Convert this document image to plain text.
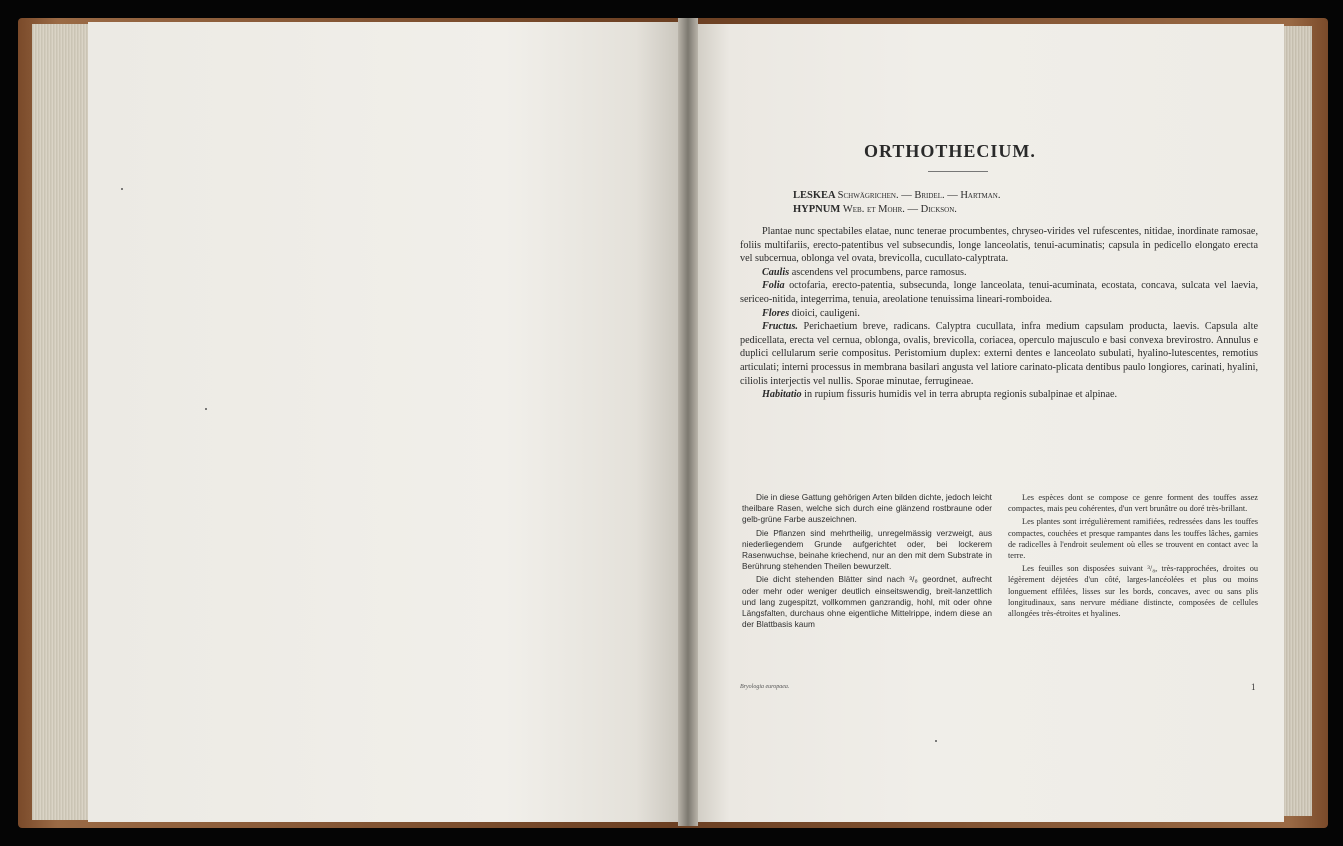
ORTHOTHECIUM.
LESKEA Schwägrichen. — Bridel. — Hartman.
HYPNUM Web. et Mohr. — Dickson.

Plantae nunc spectabiles elatae, nunc tenerae procumbentes, chryseo-virides vel rufescentes, nitidae, inordinate ramosae, foliis multifariis, erecto-patentibus vel subsecundis, longe lanceolatis, tenui-acuminatis; capsula in pedicello elongato erecta vel subcernua, oblonga vel ovata, brevicolla, cucullato-calyptrata.

Caulis ascendens vel procumbens, parce ramosus.

Folia octofaria, erecto-patentia, subsecunda, longe lanceolata, tenui-acuminata, ecostata, concava, sulcata vel laevia, sericeo-nitida, integerrima, tenuia, areolatione tenuissima lineari-romboidea.

Flores dioici, cauligeni.

Fructus. Perichaetium breve, radicans. Calyptra cucullata, infra medium capsulam producta, laevis. Capsula alte pedicellata, erecta vel cernua, oblonga, ovalis, brevicolla, coriacea, operculo majusculo e basi convexa brevirostro. Annulus e duplici cellularum serie compositus. Peristomium duplex: externi dentes e lanceolato subulati, hyalino-lutescentes, remotius articulati; interni processus in membrana basilari angusta vel latiore carinato-plicata dentibus paulo longiores, carinati, hyalini, ciliolis interjectis vel nullis. Sporae minutae, ferrugineae.

Habitatio in rupium fissuris humidis vel in terra abrupta regionis subalpinae et alpinae.

Die in diese Gattung gehörigen Arten bilden dichte, jedoch leicht theilbare Rasen, welche sich durch eine glänzend rostbraune oder gelb-grüne Farbe auszeichnen.

Die Pflanzen sind mehrtheilig, unregelmässig verzweigt, aus niederliegendem Grunde aufgerichtet oder, bei lockerem Rasenwuchse, beinahe kriechend, nur an den mit dem Substrate in Berührung stehenden Theilen bewurzelt.

Die dicht stehenden Blätter sind nach ³/₈ geordnet, aufrecht oder mehr oder weniger deutlich einseitswendig, breit-lanzettlich und lang zugespitzt, vollkommen ganzrandig, hohl, mit oder ohne Längsfalten, durchaus ohne eigentliche Mittelrippe, indem diese an der Blattbasis kaum

Les espèces dont se compose ce genre forment des touffes assez compactes, mais peu cohérentes, d'un vert brunâtre ou doré très-brillant.

Les plantes sont irrégulièrement ramifiées, redressées dans les touffes compactes, couchées et presque rampantes dans les touffes lâches, garnies de radicelles à l'endroit seulement où elles se trouvent en contact avec la terre.

Les feuilles son disposées suivant ³/₈, très-rapprochées, droites ou légèrement déjetées d'un côté, larges-lancéolées et plus ou moins longuement effilées, lisses sur les bords, concaves, avec ou sans plis longitudinaux, sans nervure médiane distincte, composées de cellules allongées très-étroites et hyalines.

Bryologia europaea.	1
